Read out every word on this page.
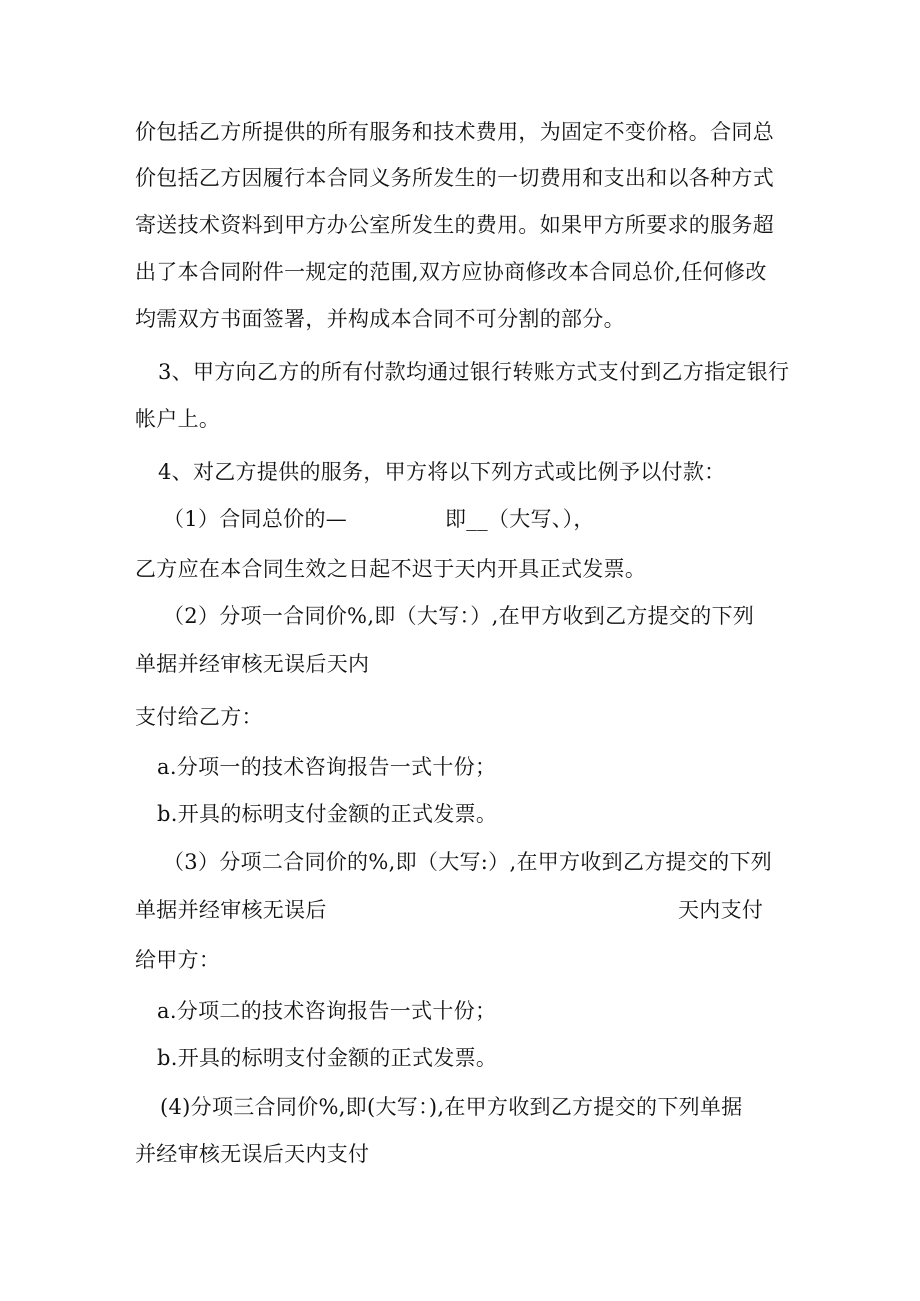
价包括乙方所提供的所有服务和技术费用，为固定不变价格。合同总
价包括乙方因履行本合同义务所发生的一切费用和支出和以各种方式
寄送技术资料到甲方办公室所发生的费用。如果甲方所要求的服务超
出了本合同附件一规定的范围,双方应协商修改本合同总价,任何修改
均需双方书面签署，并构成本合同不可分割的部分。
3、甲方向乙方的所有付款均通过银行转账方式支付到乙方指定银行
帐户上。
4、对乙方提供的服务，甲方将以下列方式或比例予以付款：
（1）合同总价的—	即__（大写、），
乙方应在本合同生效之日起不迟于天内开具正式发票。
（2）分项一合同价%,即（大写：）,在甲方收到乙方提交的下列
单据并经审核无误后天内
支付给乙方：
a.分项一的技术咨询报告一式十份；
b.开具的标明支付金额的正式发票。
（3）分项二合同价的%,即（大写:）,在甲方收到乙方提交的下列
单据并经审核无误后	天内支付
给甲方：
a.分项二的技术咨询报告一式十份；
b.开具的标明支付金额的正式发票。
(4)分项三合同价%,即(大写：),在甲方收到乙方提交的下列单据
并经审核无误后天内支付
